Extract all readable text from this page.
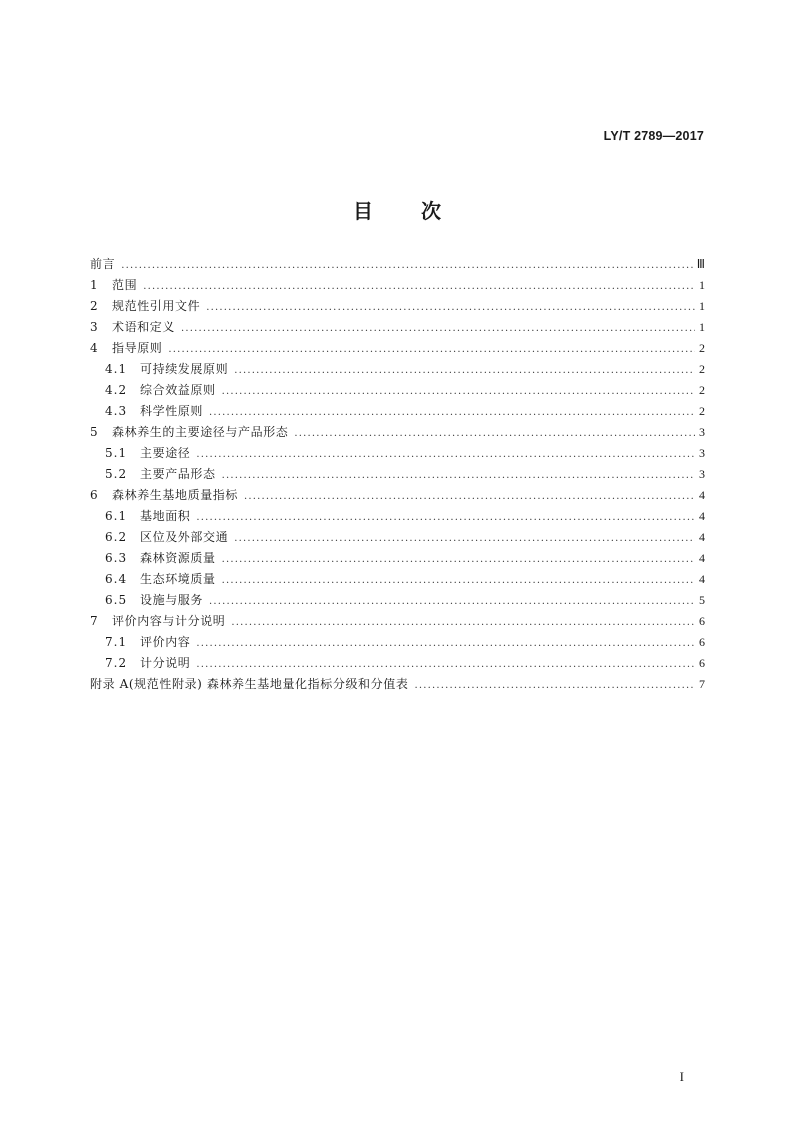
LY/T 2789—2017
目 次
前言 .....	Ⅲ
1	范围 .....	1
2	规范性引用文件 .....	1
3	术语和定义 .....	1
4	指导原则 .....	2
4.1	可持续发展原则 .....	2
4.2	综合效益原则 .....	2
4.3	科学性原则 .....	2
5	森林养生的主要途径与产品形态 .....	3
5.1	主要途径 .....	3
5.2	主要产品形态 .....	3
6	森林养生基地质量指标 .....	4
6.1	基地面积 .....	4
6.2	区位及外部交通 .....	4
6.3	森林资源质量 .....	4
6.4	生态环境质量 .....	4
6.5	设施与服务 .....	5
7	评价内容与计分说明 .....	6
7.1	评价内容 .....	6
7.2	计分说明 .....	6
附录 A(规范性附录) 森林养生基地量化指标分级和分值表 .....	7
I
